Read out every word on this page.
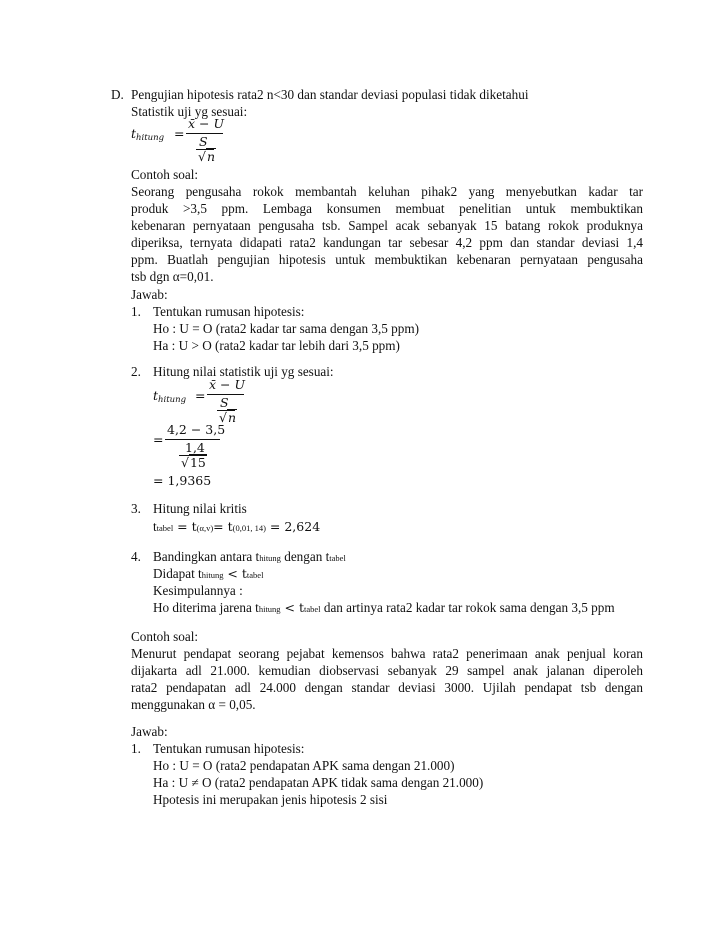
D. Pengujian hipotesis rata2 n<30 dan standar deviasi populasi tidak diketahui
Statistik uji yg sesuai:
$t_{hitung}$ =
x̄ − U
S
√n
Contoh soal:
Seorang pengusaha rokok membantah keluhan pihak2 yang menyebutkan kadar tar
produk >3,5 ppm. Lembaga konsumen membuat penelitian untuk membuktikan
kebenaran pernyataan pengusaha tsb. Sampel acak sebanyak 15 batang rokok produknya
diperiksa, ternyata didapati rata2 kandungan tar sebesar 4,2 ppm dan standar deviasi 1,4
ppm. Buatlah pengujian hipotesis untuk membuktikan kebenaran pernyataan pengusaha
tsb dgn α=0,01.
Jawab:
1. Tentukan rumusan hipotesis:
Ho : U = O (rata2 kadar tar sama dengan 3,5 ppm)
Ha : U > O (rata2 kadar tar lebih dari 3,5 ppm)
2. Hitung nilai statistik uji yg sesuai:
$t_{hitung}$ =
x̄ − U
S
√n
=
4,2 − 3,5
1,4
√15
= 1,9365
3. Hitung nilai kritis
ttabel = t(α,v)= t(0,01, 14) = 2,624
4. Bandingkan antara thitung dengan ttabel
Didapat thitung < ttabel
Kesimpulannya :
Ho diterima jarena thitung < ttabel dan artinya rata2 kadar tar rokok sama dengan 3,5 ppm
Contoh soal:
Menurut pendapat seorang pejabat kemensos bahwa rata2 penerimaan anak penjual koran
dijakarta adl 21.000. kemudian diobservasi sebanyak 29 sampel anak jalanan diperoleh
rata2 pendapatan adl 24.000 dengan standar deviasi 3000. Ujilah pendapat tsb dengan
menggunakan α = 0,05.
Jawab:
1. Tentukan rumusan hipotesis:
Ho : U = O (rata2 pendapatan APK sama dengan 21.000)
Ha : U ≠ O (rata2 pendapatan APK tidak sama dengan 21.000)
Hpotesis ini merupakan jenis hipotesis 2 sisi
